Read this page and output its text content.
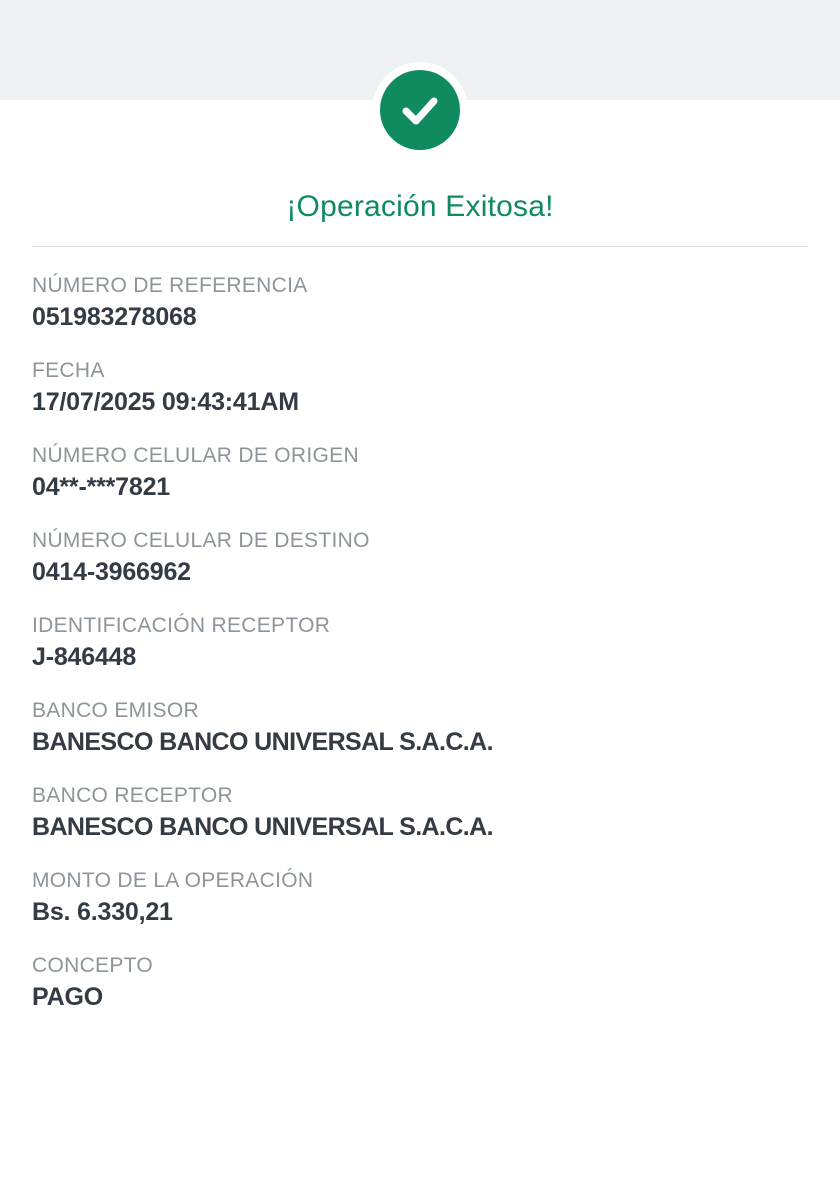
¡Operación Exitosa!
NÚMERO DE REFERENCIA
051983278068
FECHA
17/07/2025 09:43:41AM
NÚMERO CELULAR DE ORIGEN
04**-***7821
NÚMERO CELULAR DE DESTINO
0414-3966962
IDENTIFICACIÓN RECEPTOR
J-846448
BANCO EMISOR
BANESCO BANCO UNIVERSAL S.A.C.A.
BANCO RECEPTOR
BANESCO BANCO UNIVERSAL S.A.C.A.
MONTO DE LA OPERACIÓN
Bs. 6.330,21
CONCEPTO
PAGO
